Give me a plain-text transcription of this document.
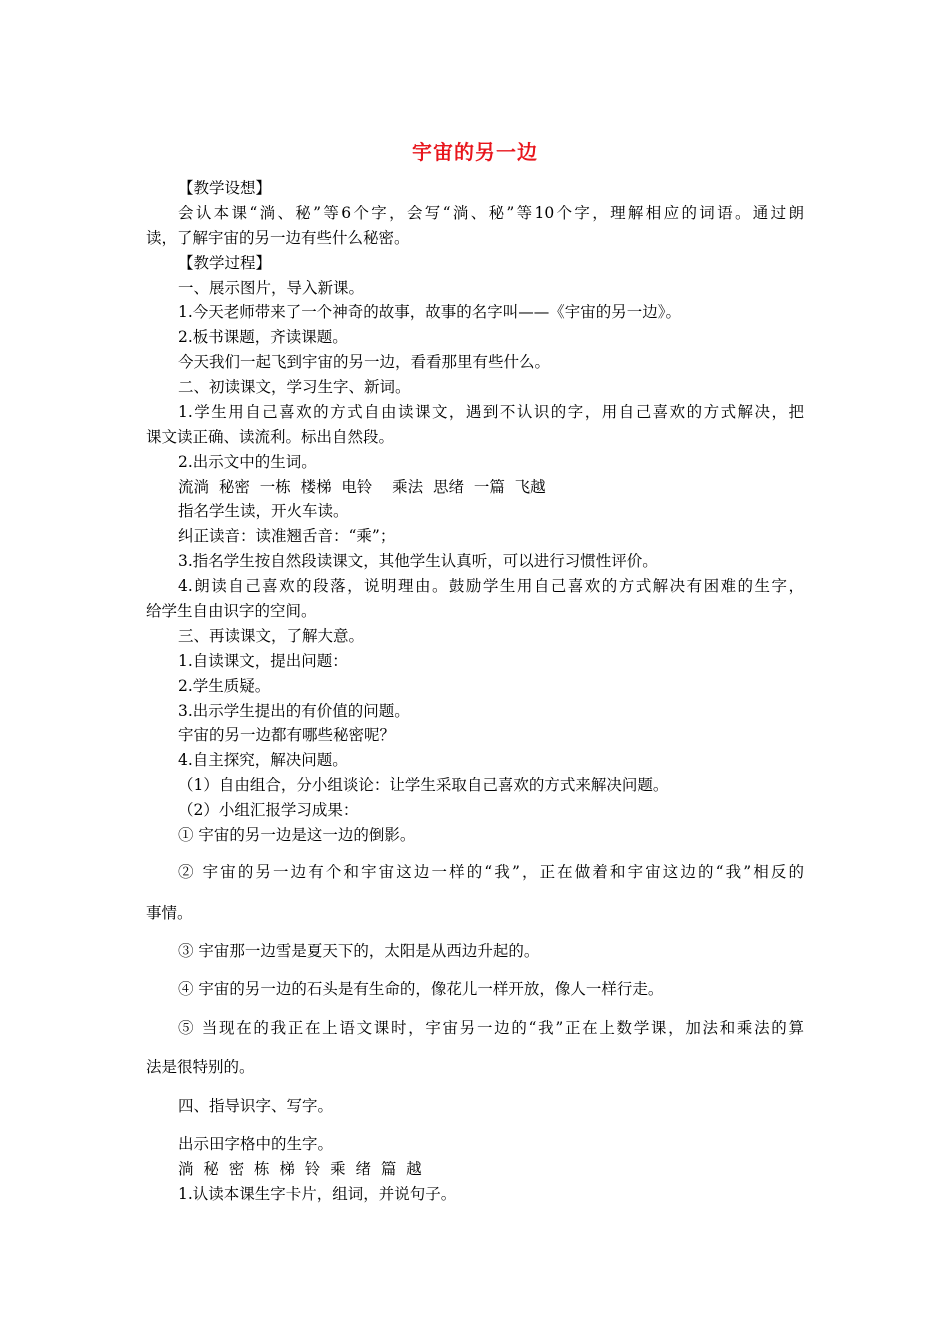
宇宙的另一边
【教学设想】
会认本课“淌、秘”等6个字，会写“淌、秘”等10个字，理解相应的词语。通过朗
读，了解宇宙的另一边有些什么秘密。
【教学过程】
一、展示图片，导入新课。
1.今天老师带来了一个神奇的故事，故事的名字叫——《宇宙的另一边》。
2.板书课题，齐读课题。
今天我们一起飞到宇宙的另一边，看看那里有些什么。
二、初读课文，学习生字、新词。
1.学生用自己喜欢的方式自由读课文，遇到不认识的字，用自己喜欢的方式解决，把
课文读正确、读流利。标出自然段。
2.出示文中的生词。
流淌  秘密  一栋  楼梯  电铃    乘法  思绪  一篇  飞越
指名学生读，开火车读。
纠正读音：读准翘舌音：“乘”；
3.指名学生按自然段读课文，其他学生认真听，可以进行习惯性评价。
4.朗读自己喜欢的段落，说明理由。鼓励学生用自己喜欢的方式解决有困难的生字，
给学生自由识字的空间。
三、再读课文，了解大意。
1.自读课文，提出问题：
2.学生质疑。
3.出示学生提出的有价值的问题。
宇宙的另一边都有哪些秘密呢？
4.自主探究，解决问题。
（1）自由组合，分小组谈论：让学生采取自己喜欢的方式来解决问题。
（2）小组汇报学习成果：
① 宇宙的另一边是这一边的倒影。
② 宇宙的另一边有个和宇宙这边一样的“我”，正在做着和宇宙这边的“我”相反的
事情。
③ 宇宙那一边雪是夏天下的，太阳是从西边升起的。
④ 宇宙的另一边的石头是有生命的，像花儿一样开放，像人一样行走。
⑤ 当现在的我正在上语文课时，宇宙另一边的“我”正在上数学课，加法和乘法的算
法是很特别的。
四、指导识字、写字。
出示田字格中的生字。
淌  秘  密  栋  梯  铃  乘  绪  篇  越
1.认读本课生字卡片，组词，并说句子。
